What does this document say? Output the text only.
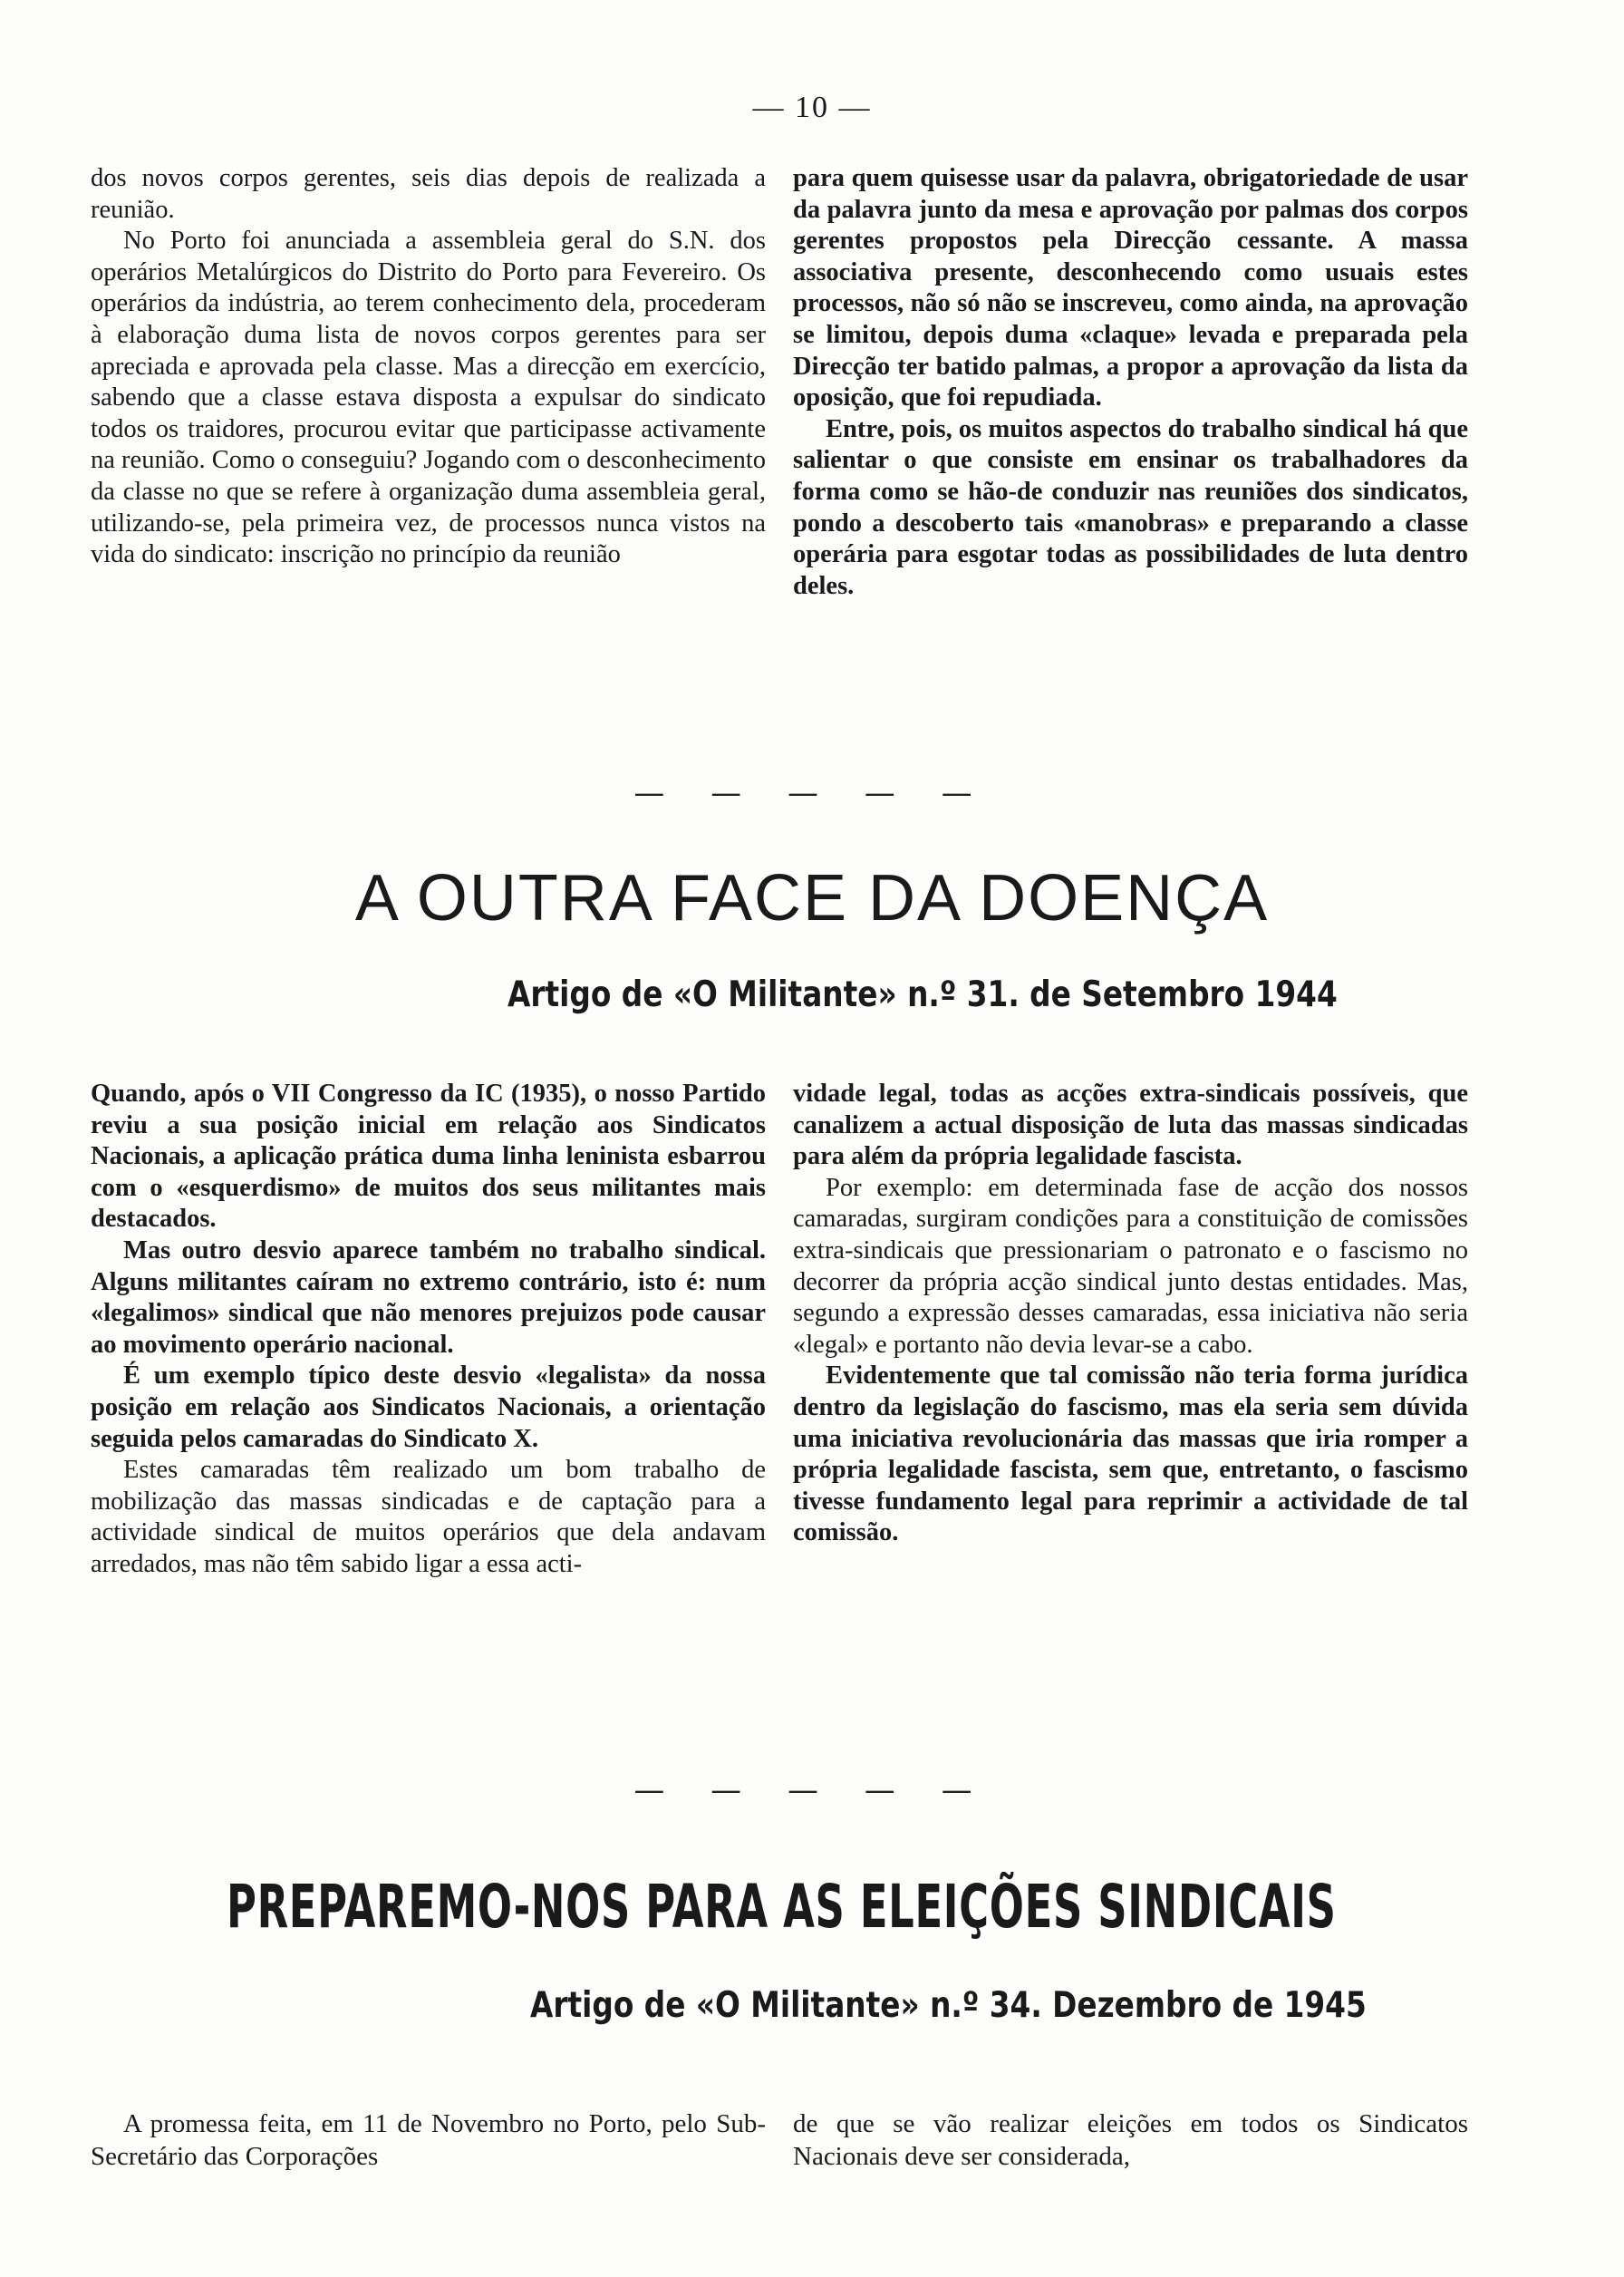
— 10 —

dos novos corpos gerentes, seis dias depois de realizada a reunião.

No Porto foi anunciada a assembleia geral do S.N. dos operários Metalúrgicos do Distrito do Porto para Fevereiro. Os operários da indústria, ao terem conhecimento dela, procederam à elaboração duma lista de novos corpos gerentes para ser apreciada e aprovada pela classe. Mas a direcção em exercício, sabendo que a classe estava disposta a expulsar do sindicato todos os traidores, procurou evitar que participasse activamente na reunião. Como o conseguiu? Jogando com o desconhecimento da classe no que se refere à organização duma assembleia geral, utilizando-se, pela primeira vez, de processos nunca vistos na vida do sindicato: inscrição no princípio da reunião

para quem quisesse usar da palavra, obrigatoriedade de usar da palavra junto da mesa e aprovação por palmas dos corpos gerentes propostos pela Direcção cessante. A massa associativa presente, desconhecendo como usuais estes processos, não só não se inscreveu, como ainda, na aprovação se limitou, depois duma «claque» levada e preparada pela Direcção ter batido palmas, a propor a aprovação da lista da oposição, que foi repudiada.

Entre, pois, os muitos aspectos do trabalho sindical há que salientar o que consiste em ensinar os trabalhadores da forma como se hão-de conduzir nas reuniões dos sindicatos, pondo a descoberto tais «manobras» e preparando a classe operária para esgotar todas as possibilidades de luta dentro deles.

— — — — —
A OUTRA FACE DA DOENÇA
Artigo de «O Militante» n.º 31. de Setembro 1944

Quando, após o VII Congresso da IC (1935), o nosso Partido reviu a sua posição inicial em relação aos Sindicatos Nacionais, a aplicação prática duma linha leninista esbarrou com o «esquerdismo» de muitos dos seus militantes mais destacados.

Mas outro desvio aparece também no trabalho sindical. Alguns militantes caíram no extremo contrário, isto é: num «legalimos» sindical que não menores prejuizos pode causar ao movimento operário nacional.

É um exemplo típico deste desvio «legalista» da nossa posição em relação aos Sindicatos Nacionais, a orientação seguida pelos camaradas do Sindicato X.

Estes camaradas têm realizado um bom trabalho de mobilização das massas sindicadas e de captação para a actividade sindical de muitos operários que dela andavam arredados, mas não têm sabido ligar a essa acti-

vidade legal, todas as acções extra-sindicais possíveis, que canalizem a actual disposição de luta das massas sindicadas para além da própria legalidade fascista.

Por exemplo: em determinada fase de acção dos nossos camaradas, surgiram condições para a constituição de comissões extra-sindicais que pressionariam o patronato e o fascismo no decorrer da própria acção sindical junto destas entidades. Mas, segundo a expressão desses camaradas, essa iniciativa não seria «legal» e portanto não devia levar-se a cabo.

Evidentemente que tal comissão não teria forma jurídica dentro da legislação do fascismo, mas ela seria sem dúvida uma iniciativa revolucionária das massas que iria romper a própria legalidade fascista, sem que, entretanto, o fascismo tivesse fundamento legal para reprimir a actividade de tal comissão.

— — — — —
PREPAREMO-NOS PARA AS ELEIÇÕES SINDICAIS
Artigo de «O Militante» n.º 34. Dezembro de 1945

A promessa feita, em 11 de Novembro no Porto, pelo Sub-Secretário das Corporações

de que se vão realizar eleições em todos os Sindicatos Nacionais deve ser considerada,
